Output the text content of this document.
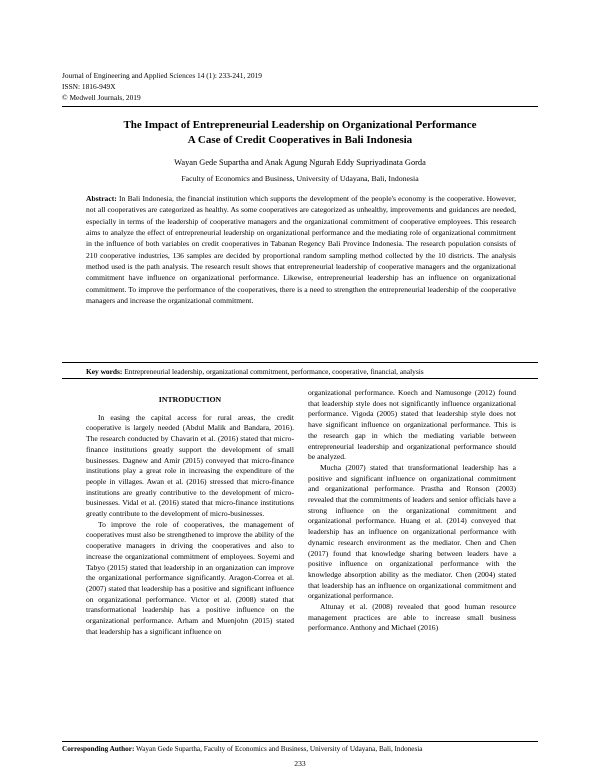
Journal of Engineering and Applied Sciences 14 (1): 233-241, 2019
ISSN: 1816-949X
© Medwell Journals, 2019
The Impact of Entrepreneurial Leadership on Organizational Performance
A Case of Credit Cooperatives in Bali Indonesia
Wayan Gede Supartha and Anak Agung Ngurah Eddy Supriyadinata Gorda
Faculty of Economics and Business, University of Udayana, Bali, Indonesia
Abstract: In Bali Indonesia, the financial institution which supports the development of the people's economy is the cooperative. However, not all cooperatives are categorized as healthy. As some cooperatives are categorized as unhealthy, improvements and guidances are needed, especially in terms of the leadership of cooperative managers and the organizational commitment of cooperative employees. This research aims to analyze the effect of entrepreneurial leadership on organizational performance and the mediating role of organizational commitment in the influence of both variables on credit cooperatives in Tabanan Regency Bali Province Indonesia. The research population consists of 210 cooperative industries, 136 samples are decided by proportional random sampling method collected by the 10 districts. The analysis method used is the path analysis. The research result shows that entrepreneurial leadership of cooperative managers and the organizational commitment have influence on organizational performance. Likewise, entrepreneurial leadership has an influence on organizational commitment. To improve the performance of the cooperatives, there is a need to strengthen the entrepreneurial leadership of the cooperative managers and increase the organizational commitment.
Key words: Entrepreneurial leadership, organizational commitment, performance, cooperative, financial, analysis
INTRODUCTION

In easing the capital access for rural areas, the credit cooperative is largely needed (Abdul Malik and Bandara, 2016). The research conducted by Chavarin et al. (2016) stated that micro-finance institutions greatly support the development of small businesses. Dagnew and Amir (2015) conveyed that micro-finance institutions play a great role in increasing the expenditure of the people in villages. Awan et al. (2016) stressed that micro-finance institutions are greatly contributive to the development of micro-businesses. Vidal et al. (2016) stated that micro-finance institutions greatly contribute to the development of micro-businesses.

To improve the role of cooperatives, the management of cooperatives must also be strengthened to improve the ability of the cooperative managers in driving the cooperatives and also to increase the organizational commitment of employees. Soyemi and Tabyo (2015) stated that leadership in an organization can improve the organizational performance significantly. Aragon-Correa et al. (2007) stated that leadership has a positive and significant influence on organizational performance. Victor et al. (2008) stated that transformational leadership has a positive influence on the organizational performance. Arham and Muenjohn (2015) stated that leadership has a significant influence on

organizational performance. Koech and Namusonge (2012) found that leadership style does not significantly influence organizational performance. Vigoda (2005) stated that leadership style does not have significant influence on organizational performance. This is the research gap in which the mediating variable between entrepreneurial leadership and organizational performance should be analyzed.

Mucha (2007) stated that transformational leadership has a positive and significant influence on organizational commitment and organizational performance. Prastha and Ronson (2003) revealed that the commitments of leaders and senior officials have a strong influence on the organizational commitment and organizational performance. Huang et al. (2014) conveyed that leadership has an influence on organizational performance with dynamic research environment as the mediator. Chen and Chen (2017) found that knowledge sharing between leaders have a positive influence on organizational performance with the knowledge absorption ability as the mediator. Chen (2004) stated that leadership has an influence on organizational commitment and organizational performance.

Altunay et al. (2008) revealed that good human resource management practices are able to increase small business performance. Anthony and Michael (2016)

Corresponding Author: Wayan Gede Supartha, Faculty of Economics and Business, University of Udayana, Bali, Indonesia
233
